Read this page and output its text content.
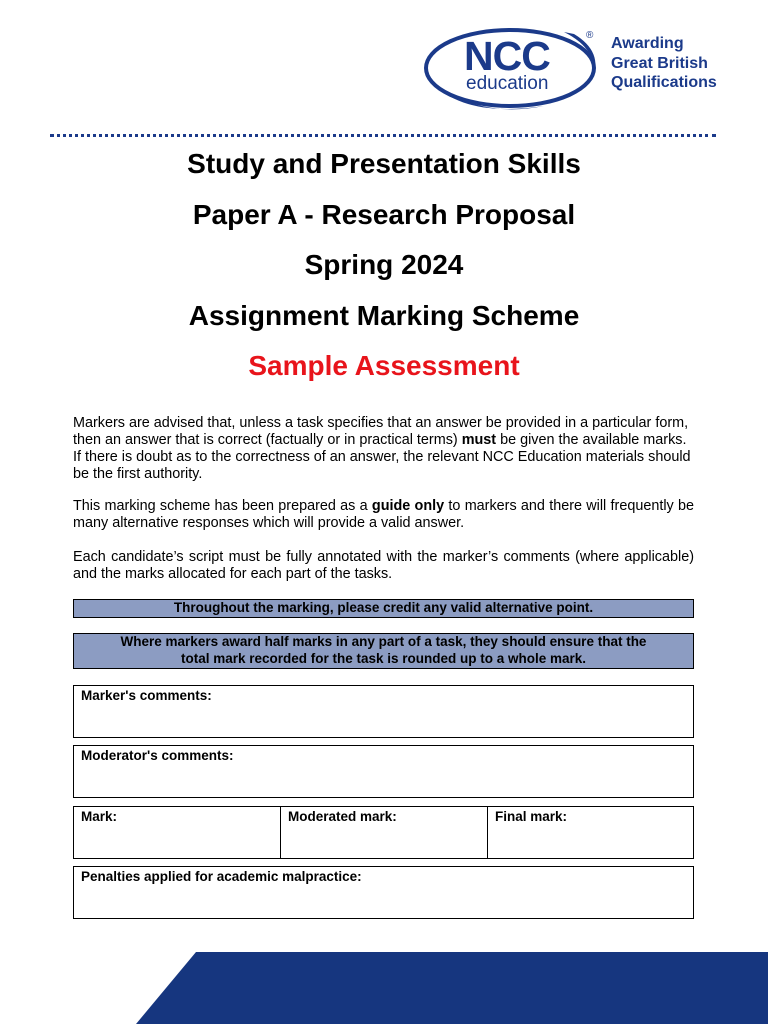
NCC
education
® Awarding
Great British
Qualifications
Study and Presentation Skills
Paper A - Research Proposal
Spring 2024
Assignment Marking Scheme
Sample Assessment
Markers are advised that, unless a task specifies that an answer be provided in a particular form, then an answer that is correct (factually or in practical terms) must be given the available marks. If there is doubt as to the correctness of an answer, the relevant NCC Education materials should be the first authority.
This marking scheme has been prepared as a guide only to markers and there will frequently be many alternative responses which will provide a valid answer.
Each candidate’s script must be fully annotated with the marker’s comments (where applicable) and the marks allocated for each part of the tasks.
Throughout the marking, please credit any valid alternative point.
Where markers award half marks in any part of a task, they should ensure that the
total mark recorded for the task is rounded up to a whole mark.
Marker's comments:
Moderator's comments:
Mark:	Moderated mark:	Final mark:
Penalties applied for academic malpractice:
